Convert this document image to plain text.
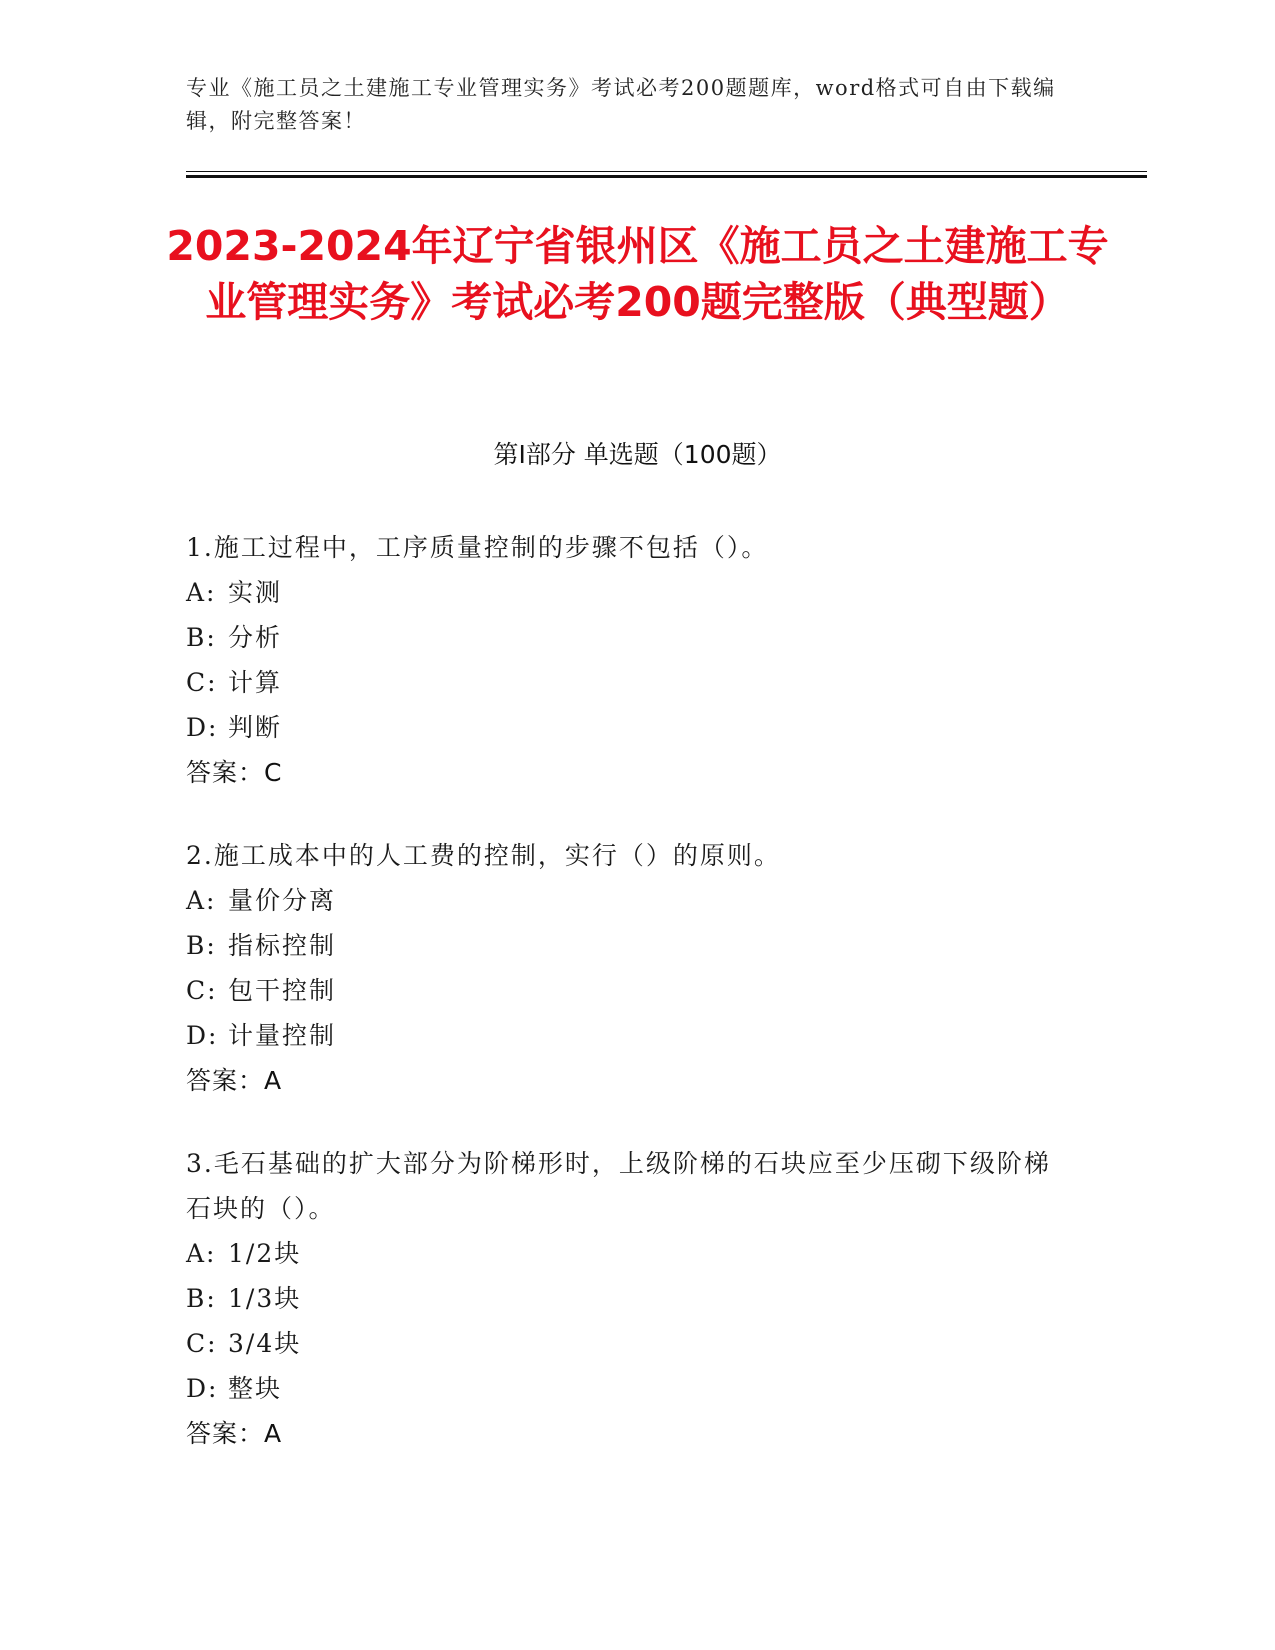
专业《施工员之土建施工专业管理实务》考试必考200题题库，word格式可自由下载编辑，附完整答案！
2023-2024年辽宁省银州区《施工员之土建施工专业管理实务》考试必考200题完整版（典型题）
第Ⅰ部分 单选题（100题）
1.施工过程中，工序质量控制的步骤不包括（）。
A: 实测
B: 分析
C: 计算
D: 判断
答案：C
2.施工成本中的人工费的控制，实行（）的原则。
A: 量价分离
B: 指标控制
C: 包干控制
D: 计量控制
答案：A
3.毛石基础的扩大部分为阶梯形时，上级阶梯的石块应至少压砌下级阶梯石块的（）。
A: 1/2块
B: 1/3块
C: 3/4块
D: 整块
答案：A
